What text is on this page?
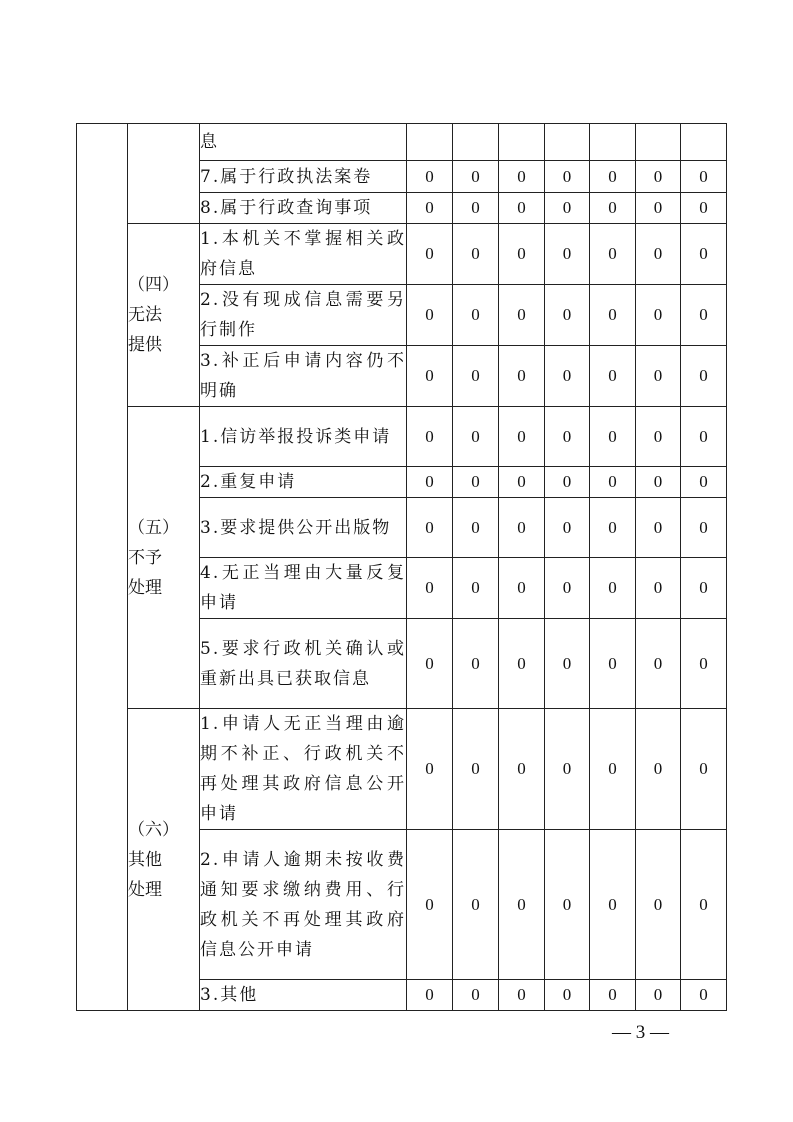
		息							
		7.属于行政执法案卷	0	0	0	0	0	0	0
		8.属于行政查询事项	0	0	0	0	0	0	0

	（四）
无法
提供	1.本机关不掌握相关政府信息	0	0	0	0	0	0	0
		2.没有现成信息需要另行制作	0	0	0	0	0	0	0
		3.补正后申请内容仍不明确	0	0	0	0	0	0	0

	（五）
不予
处理	1.信访举报投诉类申请	0	0	0	0	0	0	0
		2.重复申请	0	0	0	0	0	0	0
		3.要求提供公开出版物	0	0	0	0	0	0	0
		4.无正当理由大量反复申请	0	0	0	0	0	0	0
		5.要求行政机关确认或重新出具已获取信息	0	0	0	0	0	0	0

	（六）
其他
处理	1.申请人无正当理由逾期不补正、行政机关不再处理其政府信息公开申请	0	0	0	0	0	0	0
		2.申请人逾期未按收费通知要求缴纳费用、行政机关不再处理其政府信息公开申请	0	0	0	0	0	0	0
		3.其他	0	0	0	0	0	0	0
— 3 —
